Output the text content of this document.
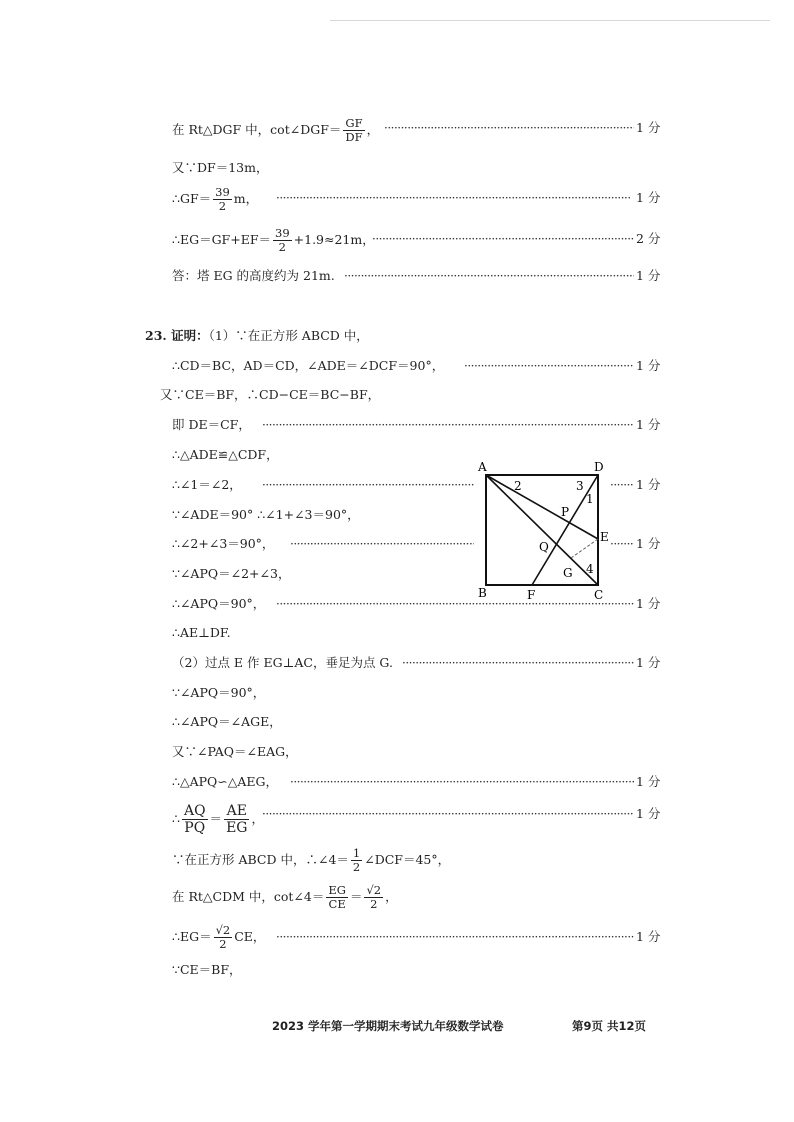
在 Rt△DGF 中，cot∠DGF＝ $\frac{GF}{DF}$ ， ·····	1 分
又∵DF＝13m，
∴GF＝ $\frac{39}{2}$ m， ·····	1 分
∴EG＝GF+EF＝ $\frac{39}{2} +1.9\approx 21m$， ·····	2 分
答：塔 EG 的高度约为 21m. ·····	1 分
23. 证明：（1）∵在正方形 ABCD 中，
∴CD＝BC，AD＝CD，∠ADE＝∠DCF＝90°， ·····	1 分
又∵CE＝BF，∴CD−CE＝BC−BF，
即 DE＝CF， ·····	1 分
∴△ADE≌△CDF，
∴∠1＝∠2， ····· ·····	1 分
∵∠ADE＝90° ∴∠1+∠3＝90°，
∴∠2+∠3＝90°， ····· ·····	1 分
∵∠APQ＝∠2+∠3，
∴∠APQ＝90°， ·····	1 分
∴AE⊥DF.
（2）过点 E 作 EG⊥AC，垂足为点 G. ·····	1 分
∵∠APQ＝90°，
∴∠APQ＝∠AGE，
又∵∠PAQ＝∠EAG，
∴△APQ∽△AEG， ·····	1 分
∴ $\frac{AQ}{PQ} = \frac{AE}{EG}$ ， ·····	1 分
∵在正方形 ABCD 中，∴∠4＝ $\frac{1}{2}$ ∠DCF＝45°，
在 Rt△CDM 中，cot∠4＝ $\frac{EG}{CE} = \frac{√2}{2}$ ，
∴EG＝ $\frac{√2}{2}$ CE， ·····	1 分
∵CE＝BF，
A	D
B	C
E
F
P
Q
G
1
2	3
4
2023 学年第一学期期末考试九年级数学试卷	第9页 共12页
